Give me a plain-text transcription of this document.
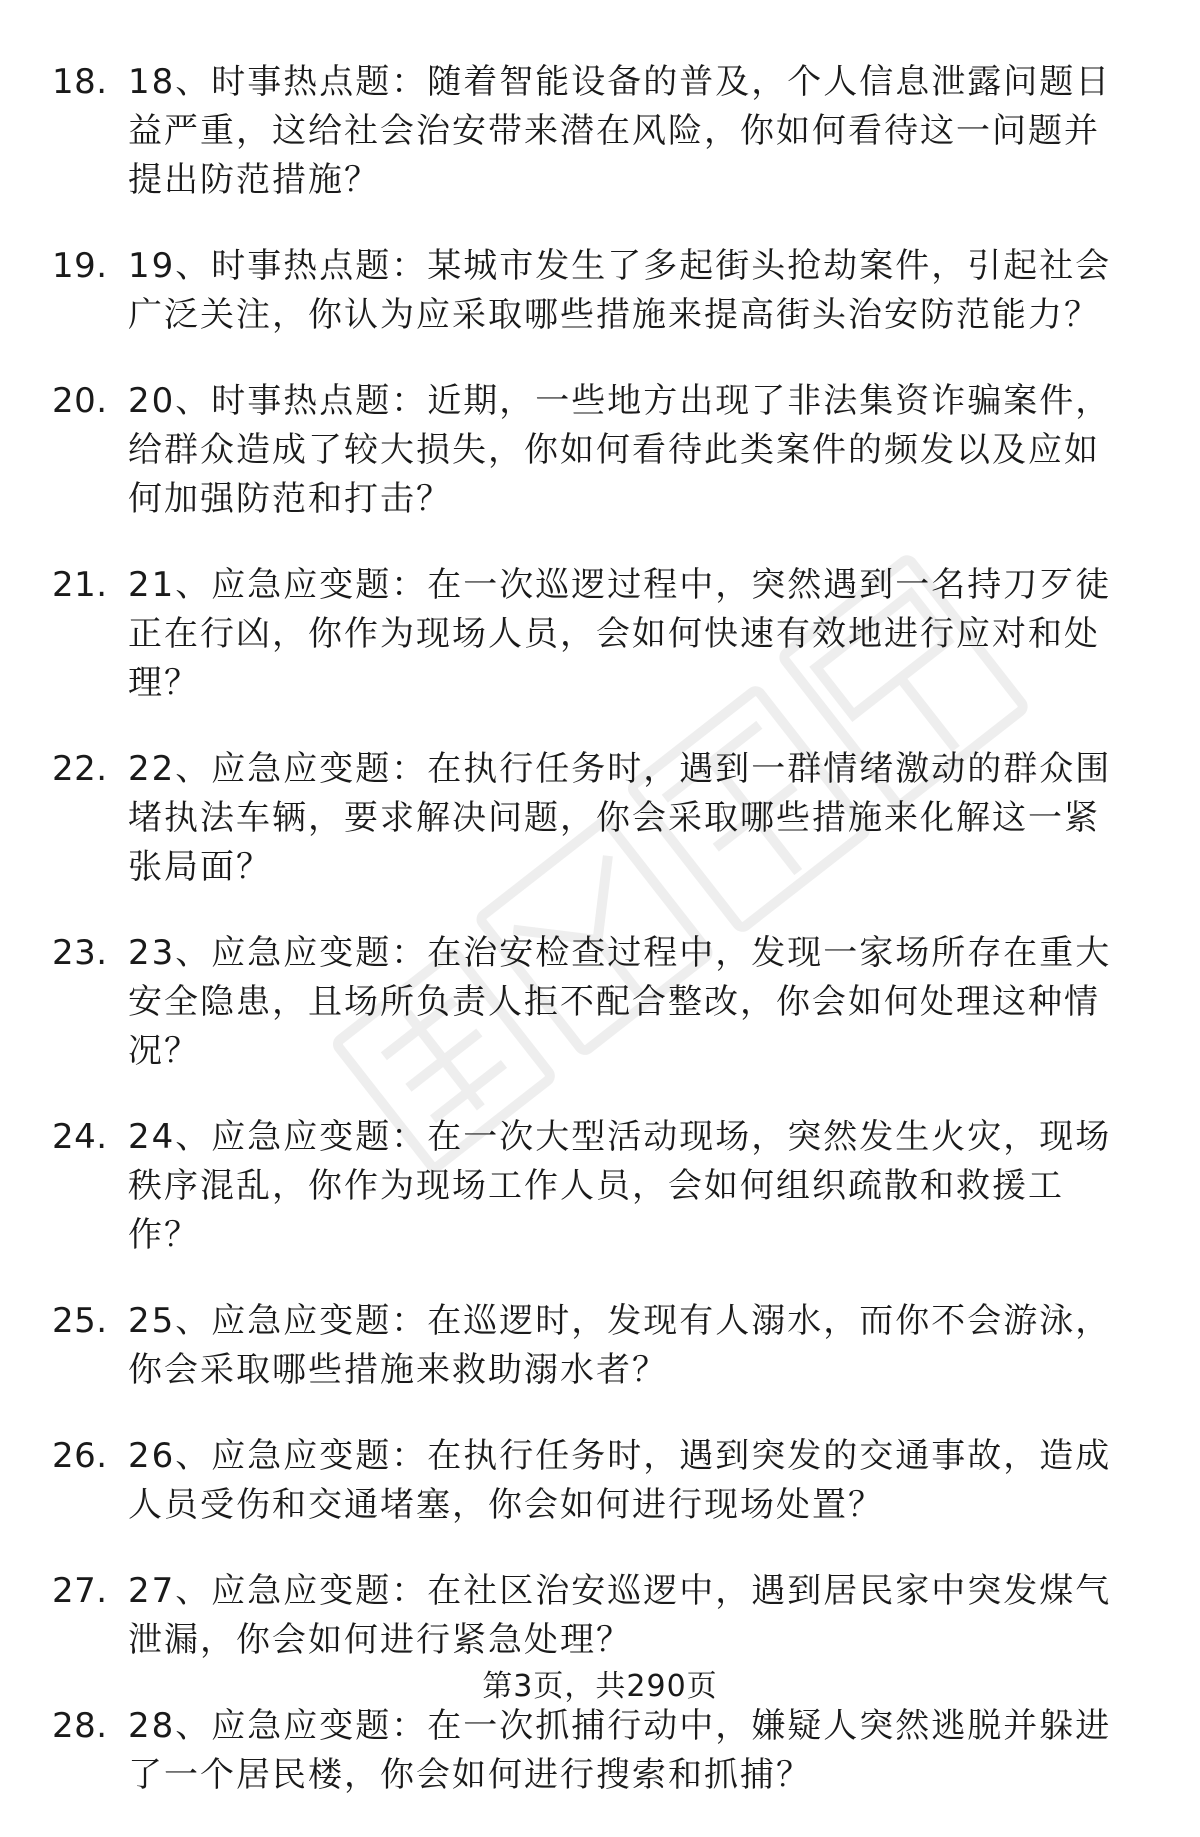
18. 18、时事热点题：随着智能设备的普及，个人信息泄露问题日益严重，这给社会治安带来潜在风险，你如何看待这一问题并提出防范措施？
19. 19、时事热点题：某城市发生了多起街头抢劫案件，引起社会广泛关注，你认为应采取哪些措施来提高街头治安防范能力？
20. 20、时事热点题：近期，一些地方出现了非法集资诈骗案件，给群众造成了较大损失，你如何看待此类案件的频发以及应如何加强防范和打击？
21. 21、应急应变题：在一次巡逻过程中，突然遇到一名持刀歹徒正在行凶，你作为现场人员，会如何快速有效地进行应对和处理？
22. 22、应急应变题：在执行任务时，遇到一群情绪激动的群众围堵执法车辆，要求解决问题，你会采取哪些措施来化解这一紧张局面？
23. 23、应急应变题：在治安检查过程中，发现一家场所存在重大安全隐患，且场所负责人拒不配合整改，你会如何处理这种情况？
24. 24、应急应变题：在一次大型活动现场，突然发生火灾，现场秩序混乱，你作为现场工作人员，会如何组织疏散和救援工作？
25. 25、应急应变题：在巡逻时，发现有人溺水，而你不会游泳，你会采取哪些措施来救助溺水者？
26. 26、应急应变题：在执行任务时，遇到突发的交通事故，造成人员受伤和交通堵塞，你会如何进行现场处置？
27. 27、应急应变题：在社区治安巡逻中，遇到居民家中突发煤气泄漏，你会如何进行紧急处理？
28. 28、应急应变题：在一次抓捕行动中，嫌疑人突然逃脱并躲进了一个居民楼，你会如何进行搜索和抓捕？
第3页，共290页
